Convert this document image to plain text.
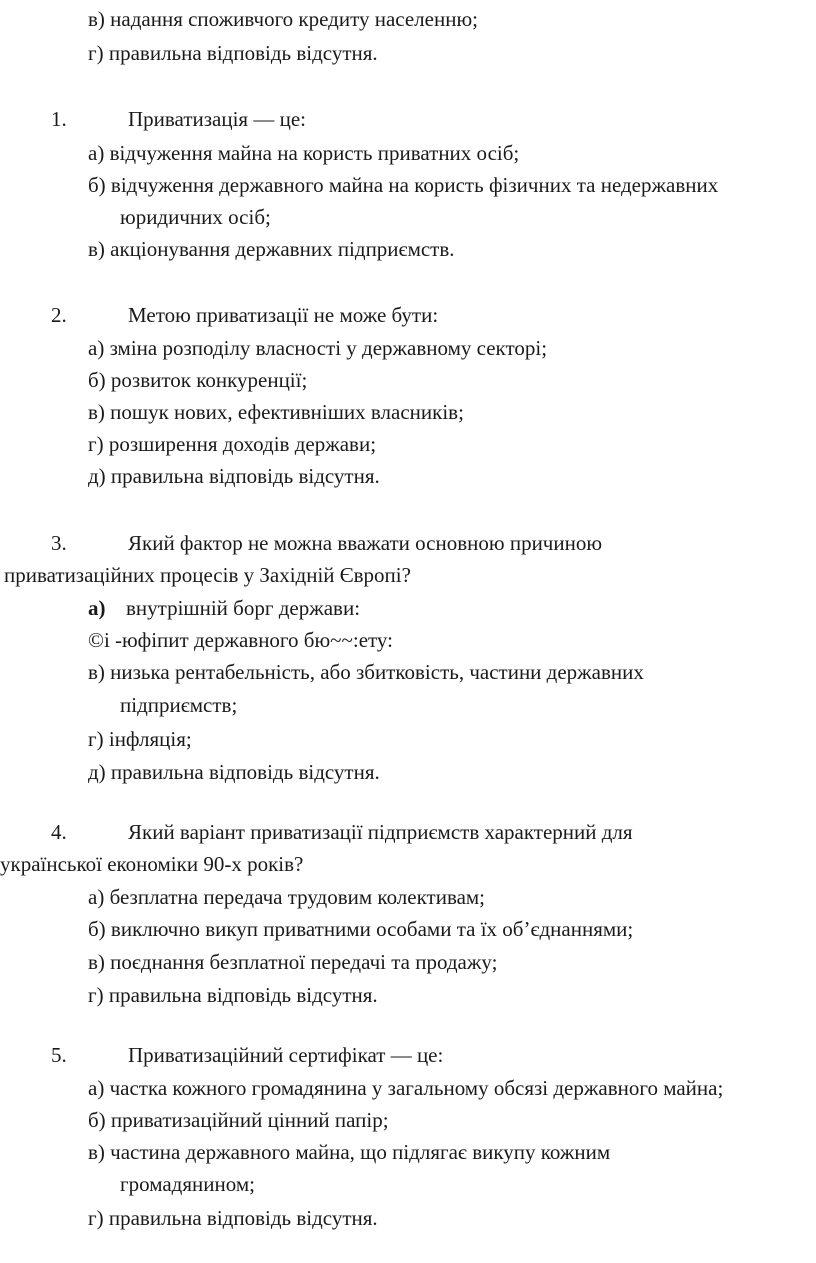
в) надання споживчого кредиту населенню;
г) правильна відповідь відсутня.
1.	Приватизація — це:
а) відчуження майна на користь приватних осіб;
б) відчуження державного майна на користь фізичних та недержавних
юридичних осіб;
в) акціонування державних підприємств.
2.	Метою приватизації не може бути:
а) зміна розподілу власності у державному секторі;
б) розвиток конкуренції;
в) пошук нових, ефективніших власників;
г) розширення доходів держави;
д) правильна відповідь відсутня.
3.	Який фактор не можна вважати основною причиною
приватизаційних процесів у Західній Європі?
а) внутрішній борг держави:
©і -юфіпит державного бю~~:ету:
в) низька рентабельність, або збитковість, частини державних
підприємств;
г) інфляція;
д) правильна відповідь відсутня.
4.	Який варіант приватизації підприємств характерний для
української економіки 90-х років?
а) безплатна передача трудовим колективам;
б) виключно викуп приватними особами та їх об’єднаннями;
в) поєднання безплатної передачі та продажу;
г) правильна відповідь відсутня.
5.	Приватизаційний сертифікат — це:
а) частка кожного громадянина у загальному обсязі державного майна;
б) приватизаційний цінний папір;
в) частина державного майна, що підлягає викупу кожним
громадянином;
г) правильна відповідь відсутня.
